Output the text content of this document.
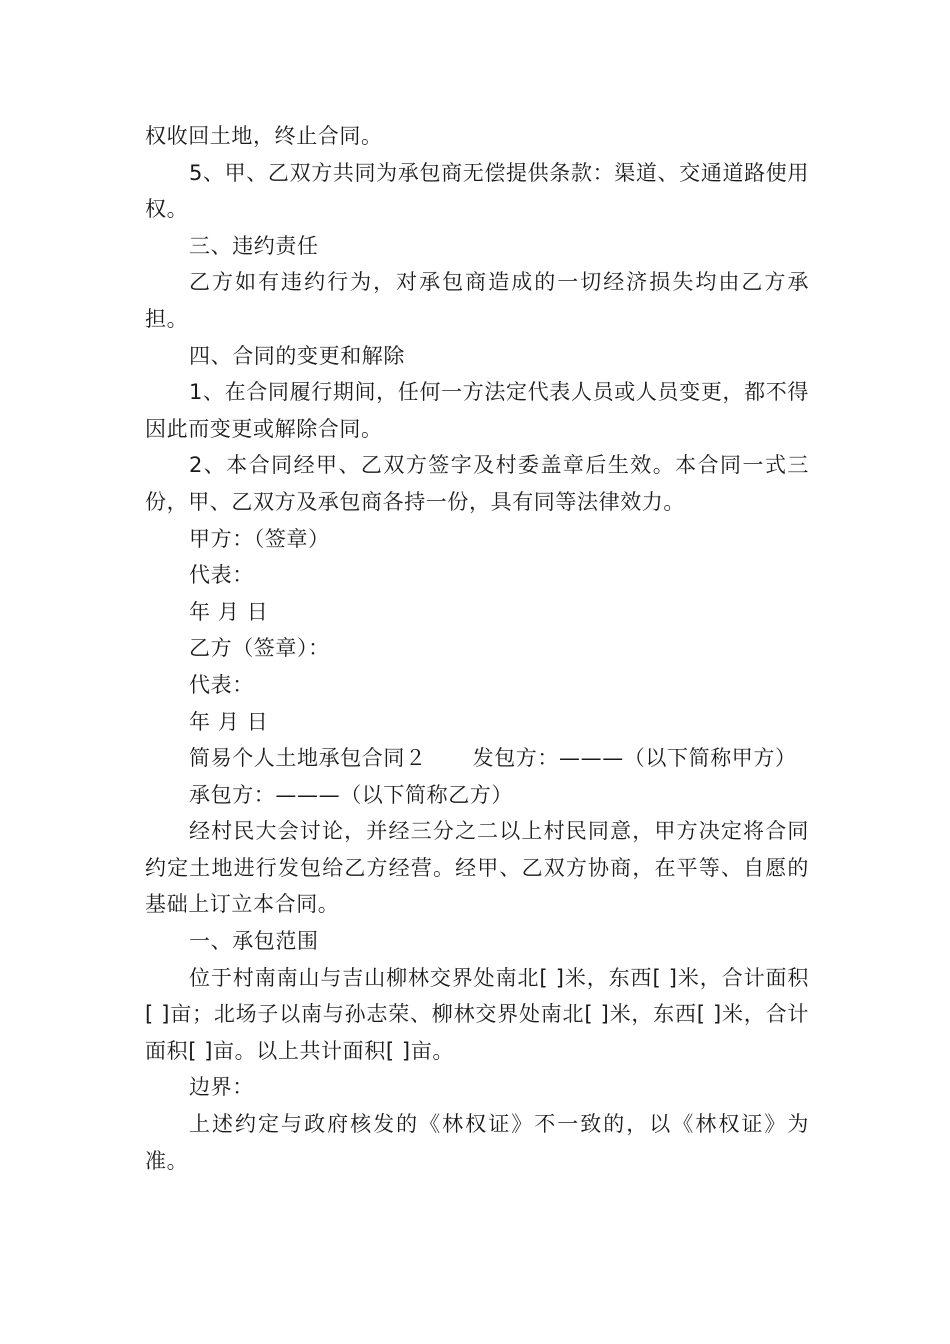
权收回土地，终止合同。

5、甲、乙双方共同为承包商无偿提供条款：渠道、交通道路使用权。

三、违约责任

乙方如有违约行为，对承包商造成的一切经济损失均由乙方承担。

四、合同的变更和解除

1、在合同履行期间，任何一方法定代表人员或人员变更，都不得因此而变更或解除合同。

2、本合同经甲、乙双方签字及村委盖章后生效。本合同一式三份，甲、乙双方及承包商各持一份，具有同等法律效力。

甲方：（签章）

代表：

年 月 日

乙方（签章）：

代表：

年 月 日

简易个人土地承包合同２ 发包方：———（以下简称甲方）

承包方：———（以下简称乙方）

经村民大会讨论，并经三分之二以上村民同意，甲方决定将合同约定土地进行发包给乙方经营。经甲、乙双方协商，在平等、自愿的基础上订立本合同。

一、承包范围

位于村南南山与吉山柳林交界处南北[ ]米，东西[ ]米，合计面积[ ]亩；北场子以南与孙志荣、柳林交界处南北[ ]米，东西[ ]米，合计面积[ ]亩。以上共计面积[ ]亩。

边界：

上述约定与政府核发的《林权证》不一致的，以《林权证》为准。
